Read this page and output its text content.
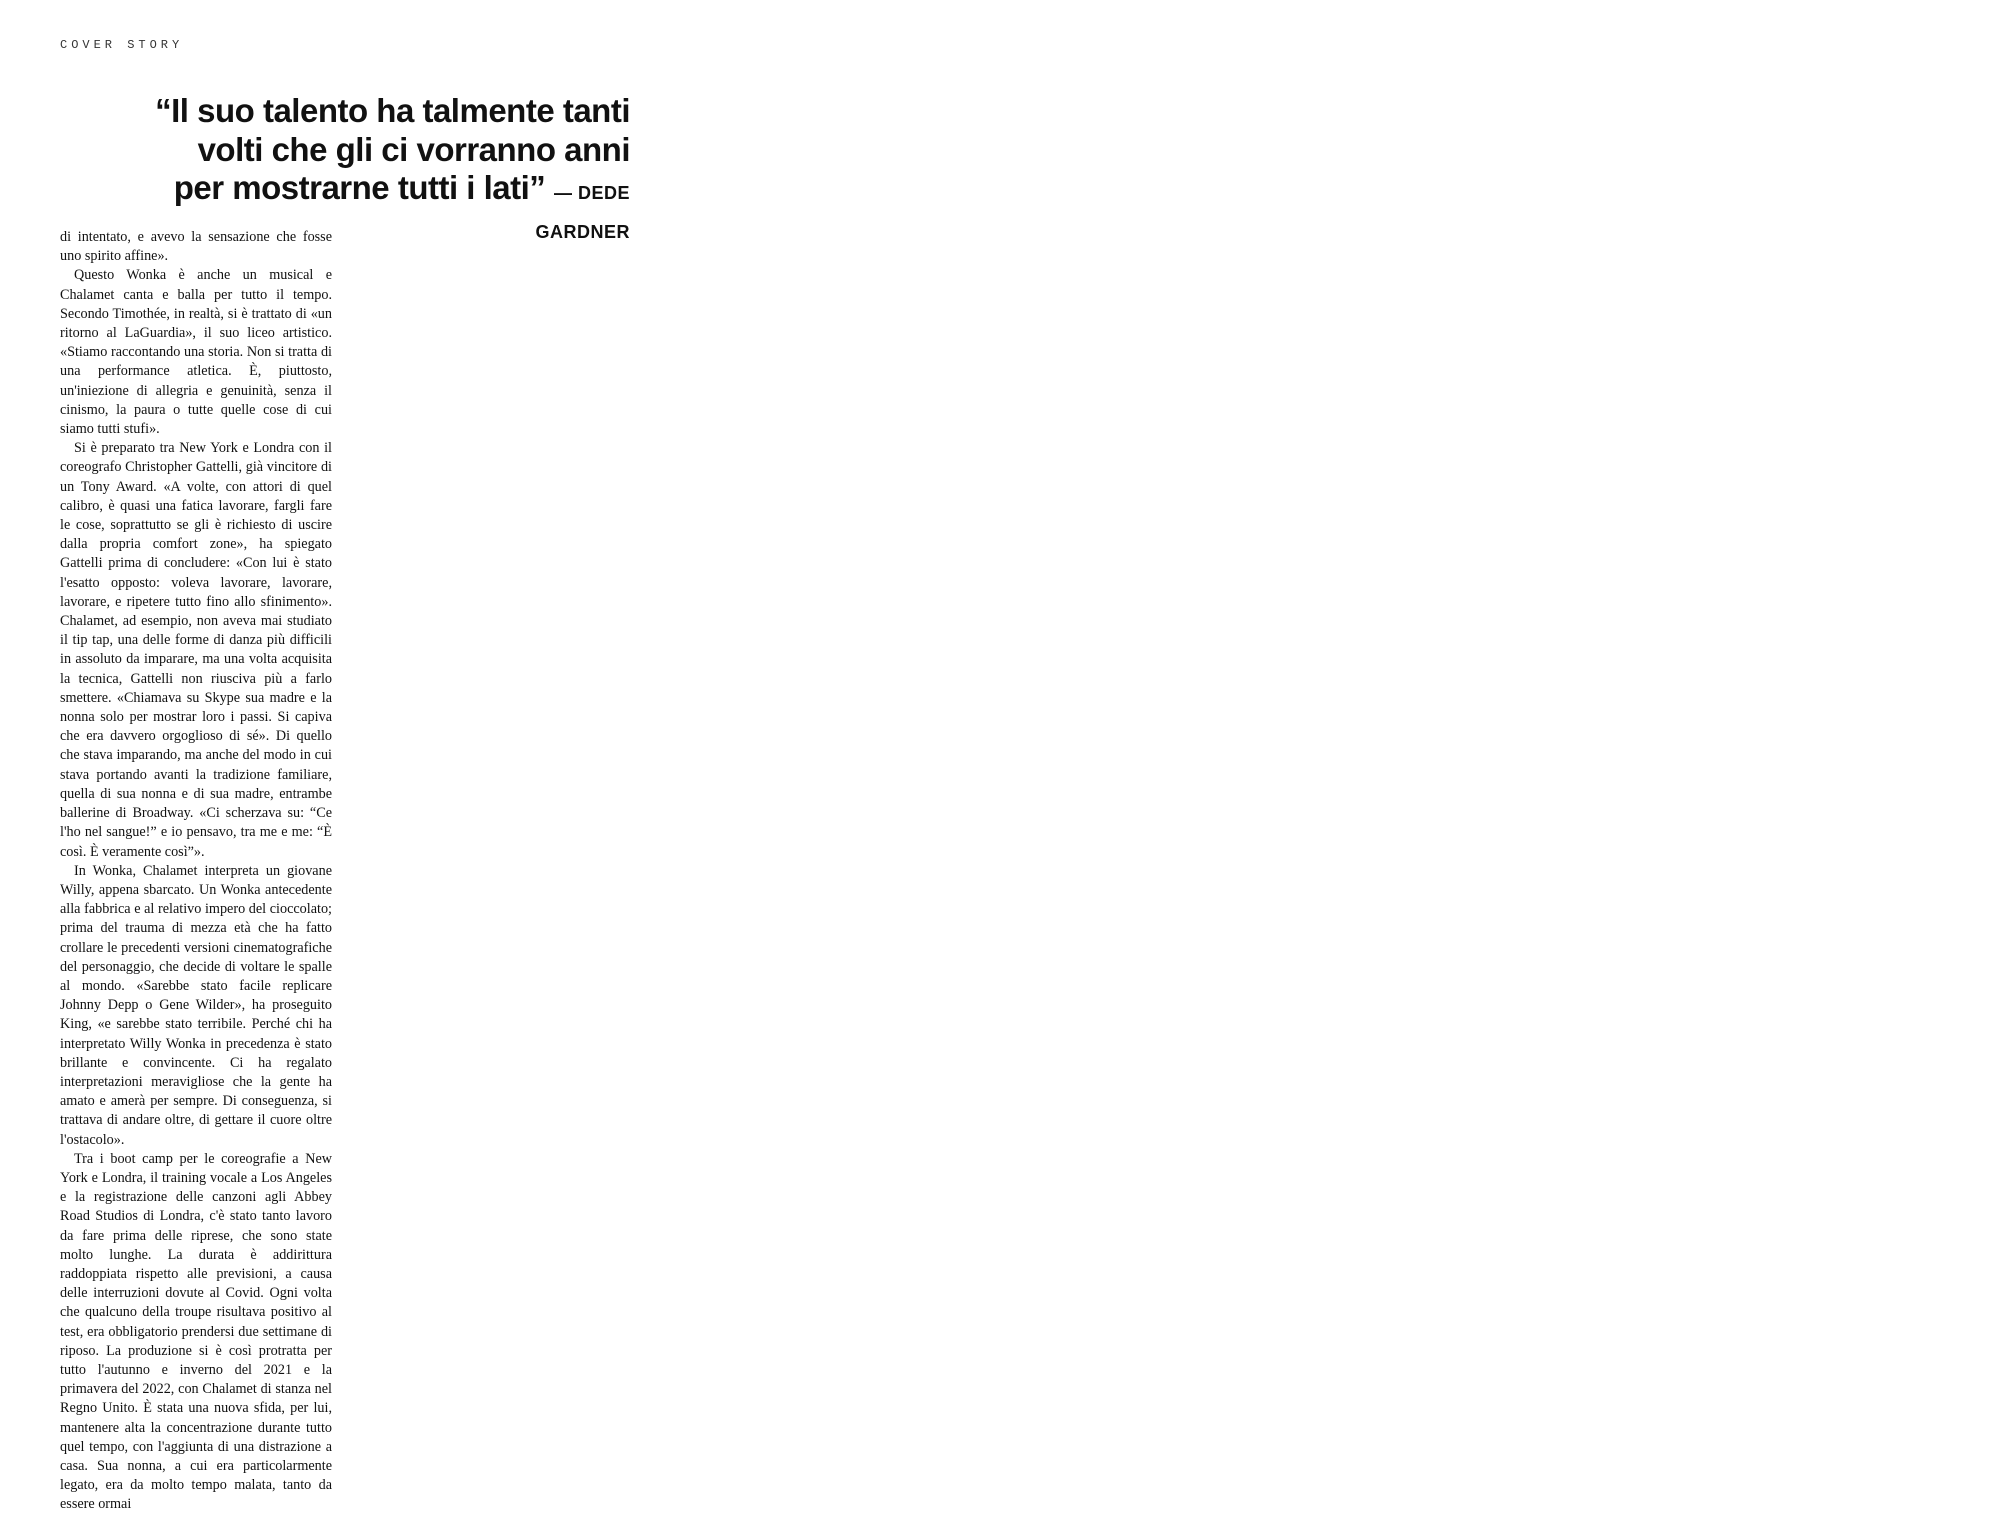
COVER STORY
“Il suo talento ha talmente tanti volti che gli ci vorranno anni per mostrarne tutti i lati” — DEDE GARDNER

di intentato, e avevo la sensazione che fosse uno spirito affine».

Questo Wonka è anche un musical e Chalamet canta e balla per tutto il tempo. Secondo Timothée, in realtà, si è trattato di «un ritorno al LaGuardia», il suo liceo artistico. «Stiamo raccontando una storia. Non si tratta di una performance atletica. È, piuttosto, un'iniezione di allegria e genuinità, senza il cinismo, la paura o tutte quelle cose di cui siamo tutti stufi».

Si è preparato tra New York e Londra con il coreografo Christopher Gattelli, già vincitore di un Tony Award. «A volte, con attori di quel calibro, è quasi una fatica lavorare, fargli fare le cose, soprattutto se gli è richiesto di uscire dalla propria comfort zone», ha spiegato Gattelli prima di concludere: «Con lui è stato l'esatto opposto: voleva lavorare, lavorare, lavorare, e ripetere tutto fino allo sfinimento». Chalamet, ad esempio, non aveva mai studiato il tip tap, una delle forme di danza più difficili in assoluto da imparare, ma una volta acquisita la tecnica, Gattelli non riusciva più a farlo smettere. «Chiamava su Skype sua madre e la nonna solo per mostrar loro i passi. Si capiva che era davvero orgoglioso di sé». Di quello che stava imparando, ma anche del modo in cui stava portando avanti la tradizione familiare, quella di sua nonna e di sua madre, entrambe ballerine di Broadway. «Ci scherzava su: “Ce l'ho nel sangue!” e io pensavo, tra me e me: “È così. È veramente così”».

In Wonka, Chalamet interpreta un giovane Willy, appena sbarcato. Un Wonka antecedente alla fabbrica e al relativo impero del cioccolato; prima del trauma di mezza età che ha fatto crollare le precedenti versioni cinematografiche del personaggio, che decide di voltare le spalle al mondo. «Sarebbe stato facile replicare Johnny Depp o Gene Wilder», ha proseguito King, «e sarebbe stato terribile. Perché chi ha interpretato Willy Wonka in precedenza è stato brillante e convincente. Ci ha regalato interpretazioni meravigliose che la gente ha amato e amerà per sempre. Di conseguenza, si trattava di andare oltre, di gettare il cuore oltre l'ostacolo».

Tra i boot camp per le coreografie a New York e Londra, il training vocale a Los Angeles e la registrazione delle canzoni agli Abbey Road Studios di Londra, c'è stato tanto lavoro da fare prima delle riprese, che sono state molto lunghe. La durata è addirittura raddoppiata rispetto alle previsioni, a causa delle interruzioni dovute al Covid. Ogni volta che qualcuno della troupe risultava positivo al test, era obbligatorio prendersi due settimane di riposo. La produzione si è così protratta per tutto l'autunno e inverno del 2021 e la primavera del 2022, con Chalamet di stanza nel Regno Unito. È stata una nuova sfida, per lui, mantenere alta la concentrazione durante tutto quel tempo, con l'aggiunta di una distrazione a casa. Sua nonna, a cui era particolarmente legato, era da molto tempo malata, tanto da essere ormai
